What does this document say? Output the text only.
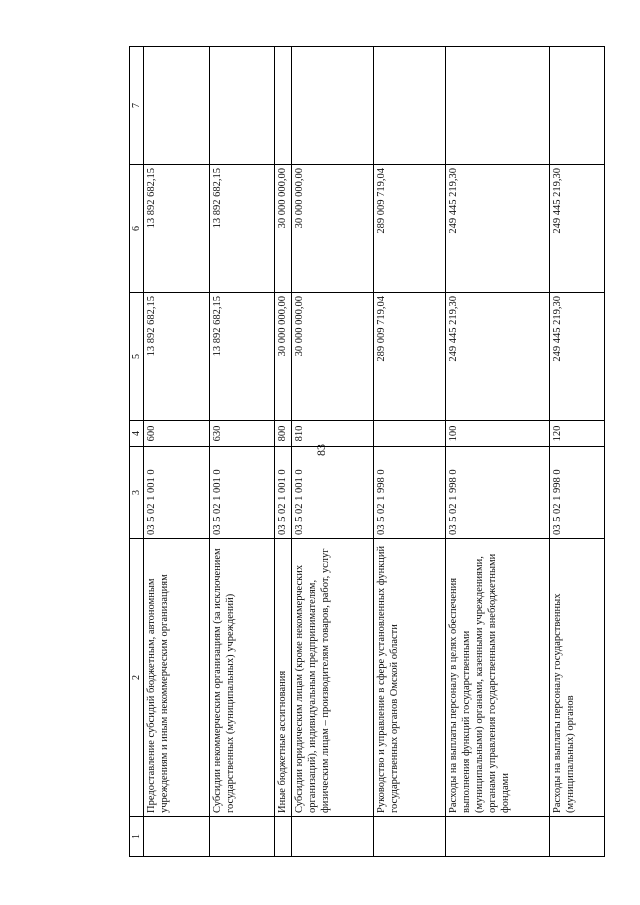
83
1	2	3	4	5	6	7
	Предоставление субсидий бюджетным, автономным учреждениям и иным некоммерческим организациям	03 5 02 1 001 0	600	13 892 682,15	13 892 682,15	
	Субсидии некоммерческим организациям (за исключением государственных (муниципальных) учреждений)	03 5 02 1 001 0	630	13 892 682,15	13 892 682,15	
	Иные бюджетные ассигнования	03 5 02 1 001 0	800	30 000 000,00	30 000 000,00	
	Субсидии юридическим лицам (кроме некоммерческих организаций), индивидуальным предпринимателям, физическим лицам – производителям товаров, работ, услуг	03 5 02 1 001 0	810	30 000 000,00	30 000 000,00	
	Руководство и управление в сфере установленных функций государственных органов Омской области	03 5 02 1 998 0		289 009 719,04	289 009 719,04	
	Расходы на выплаты персоналу в целях обеспечения выполнения функций государственными (муниципальными) органами, казенными учреждениями, органами управления государственными внебюджетными фондами	03 5 02 1 998 0	100	249 445 219,30	249 445 219,30	
	Расходы на выплаты персоналу государственных (муниципальных) органов	03 5 02 1 998 0	120	249 445 219,30	249 445 219,30	
